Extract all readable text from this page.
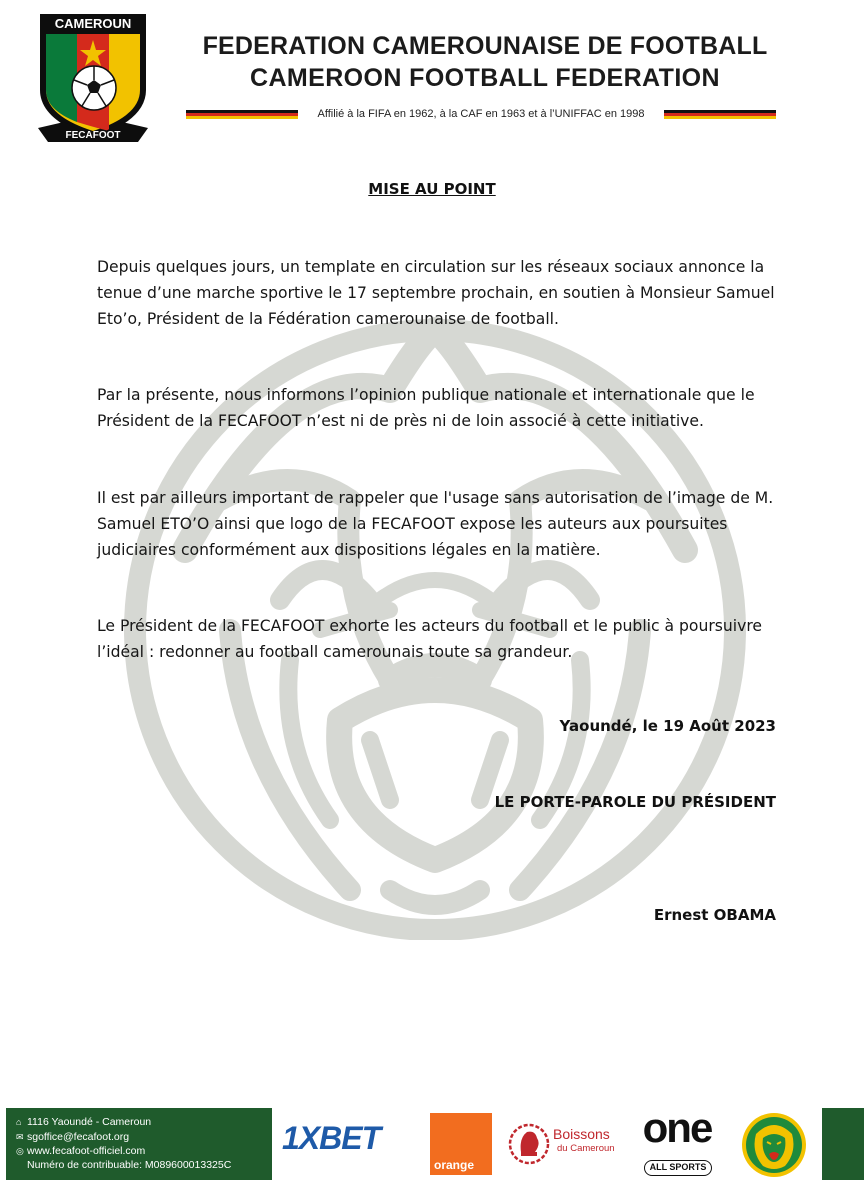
CAMEROUN
FECAFOOT
FEDERATION CAMEROUNAISE DE FOOTBALL
CAMEROON FOOTBALL FEDERATION
Affilié à la FIFA en 1962, à la CAF en 1963 et à l’UNIFFAC en 1998
MISE AU POINT

Depuis quelques jours, un template en circulation sur les réseaux sociaux annonce la tenue d’une marche sportive le 17 septembre prochain, en soutien à Monsieur Samuel Eto’o, Président de la Fédération camerounaise de football.

Par la présente, nous informons l’opinion publique nationale et internationale que le Président de la FECAFOOT n’est ni de près ni de loin associé à cette initiative.

Il est par ailleurs important de rappeler que l'usage sans autorisation de l’image de M. Samuel ETO’O ainsi que logo de la FECAFOOT expose les auteurs aux poursuites judiciaires conformément aux dispositions légales en la matière.

Le Président de la FECAFOOT exhorte les acteurs du football et le public à poursuivre l’idéal : redonner au football camerounais toute sa grandeur.

Yaoundé, le 19 Août 2023
LE PORTE-PAROLE DU PRÉSIDENT
Ernest OBAMA
⌂ 1116 Yaoundé - Cameroun
✉ sgoffice@fecafoot.org
◎ www.fecafoot-officiel.com
Numéro de contribuable: M089600013325C
1XBET
orange
Boissons
du Cameroun one
ALL SPORTS
